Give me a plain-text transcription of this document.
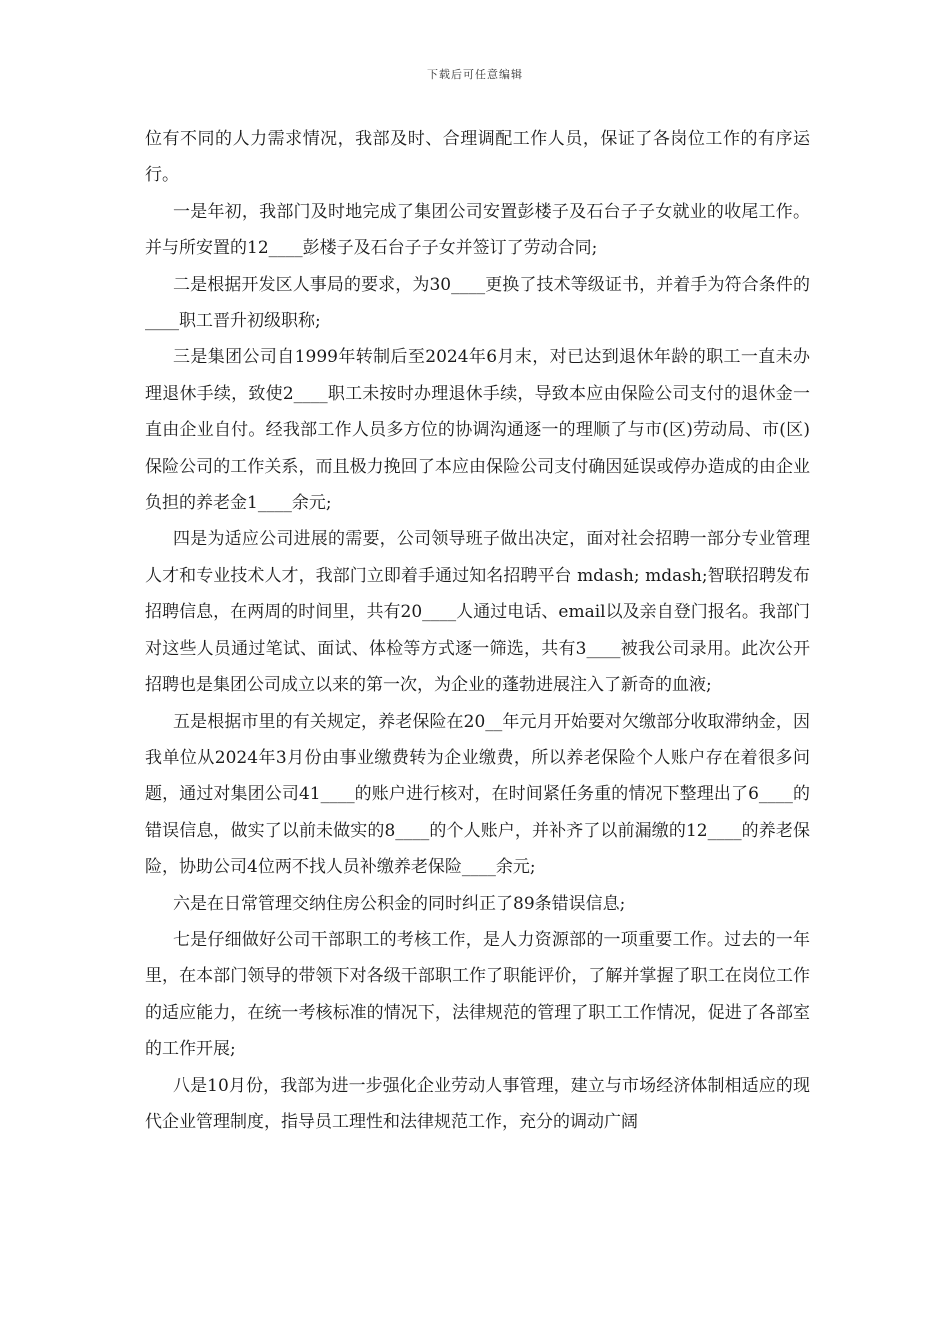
下载后可任意编辑

位有不同的人力需求情况，我部及时、合理调配工作人员，保证了各岗位工作的有序运行。

一是年初，我部门及时地完成了集团公司安置彭楼子及石台子子女就业的收尾工作。并与所安置的12____彭楼子及石台子子女并签订了劳动合同;

二是根据开发区人事局的要求，为30____更换了技术等级证书，并着手为符合条件的____职工晋升初级职称;

三是集团公司自1999年转制后至2024年6月末，对已达到退休年龄的职工一直未办理退休手续，致使2____职工未按时办理退休手续，导致本应由保险公司支付的退休金一直由企业自付。经我部工作人员多方位的协调沟通逐一的理顺了与市(区)劳动局、市(区)保险公司的工作关系，而且极力挽回了本应由保险公司支付确因延误或停办造成的由企业负担的养老金1____余元;

四是为适应公司进展的需要，公司领导班子做出决定，面对社会招聘一部分专业管理人才和专业技术人才，我部门立即着手通过知名招聘平台 mdash; mdash;智联招聘发布招聘信息，在两周的时间里，共有20____人通过电话、email以及亲自登门报名。我部门对这些人员通过笔试、面试、体检等方式逐一筛选，共有3____被我公司录用。此次公开招聘也是集团公司成立以来的第一次，为企业的蓬勃进展注入了新奇的血液;

五是根据市里的有关规定，养老保险在20__年元月开始要对欠缴部分收取滞纳金，因我单位从2024年3月份由事业缴费转为企业缴费，所以养老保险个人账户存在着很多问题，通过对集团公司41____的账户进行核对，在时间紧任务重的情况下整理出了6____的错误信息，做实了以前未做实的8____的个人账户，并补齐了以前漏缴的12____的养老保险，协助公司4位两不找人员补缴养老保险____余元;

六是在日常管理交纳住房公积金的同时纠正了89条错误信息;

七是仔细做好公司干部职工的考核工作，是人力资源部的一项重要工作。过去的一年里，在本部门领导的带领下对各级干部职工作了职能评价，了解并掌握了职工在岗位工作的适应能力，在统一考核标准的情况下，法律规范的管理了职工工作情况，促进了各部室的工作开展;

八是10月份，我部为进一步强化企业劳动人事管理，建立与市场经济体制相适应的现代企业管理制度，指导员工理性和法律规范工作，充分的调动广阔
